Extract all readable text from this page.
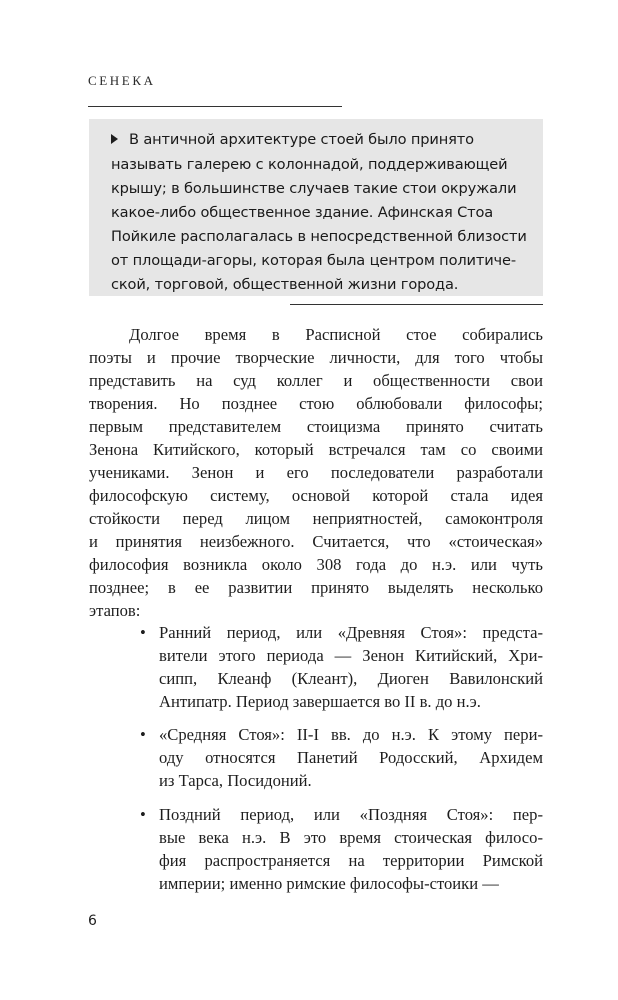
СЕНЕКА
В античной архитектуре стоей было принято
называть галерею с колоннадой, поддерживающей
крышу; в большинстве случаев такие стои окружали
какое-либо общественное здание. Афинская Стоа
Пойкиле располагалась в непосредственной близости
от площади-агоры, которая была центром политиче-
ской, торговой, общественной жизни города.
Долгое время в Расписной стое собирались
поэты и прочие творческие личности, для того чтобы
представить на суд коллег и общественности свои
творения. Но позднее стою облюбовали философы;
первым представителем стоицизма принято считать
Зенона Китийского, который встречался там со своими
учениками. Зенон и его последователи разработали
философскую систему, основой которой стала идея
стойкости перед лицом неприятностей, самоконтроля
и принятия неизбежного. Считается, что «стоическая»
философия возникла около 308 года до н.э. или чуть
позднее; в ее развитии принято выделять несколько
этапов:
• Ранний период, или «Древняя Стоя»: предста-
вители этого периода — Зенон Китийский, Хри-
сипп, Клеанф (Клеант), Диоген Вавилонский
Антипатр. Период завершается во II в. до н.э.
• «Средняя Стоя»: II-I вв. до н.э. К этому пери-
оду относятся Панетий Родосский, Архидем
из Тарса, Посидоний.
• Поздний период, или «Поздняя Стоя»: пер-
вые века н.э. В это время стоическая филосо-
фия распространяется на территории Римской
империи; именно римские философы-стоики —
6
